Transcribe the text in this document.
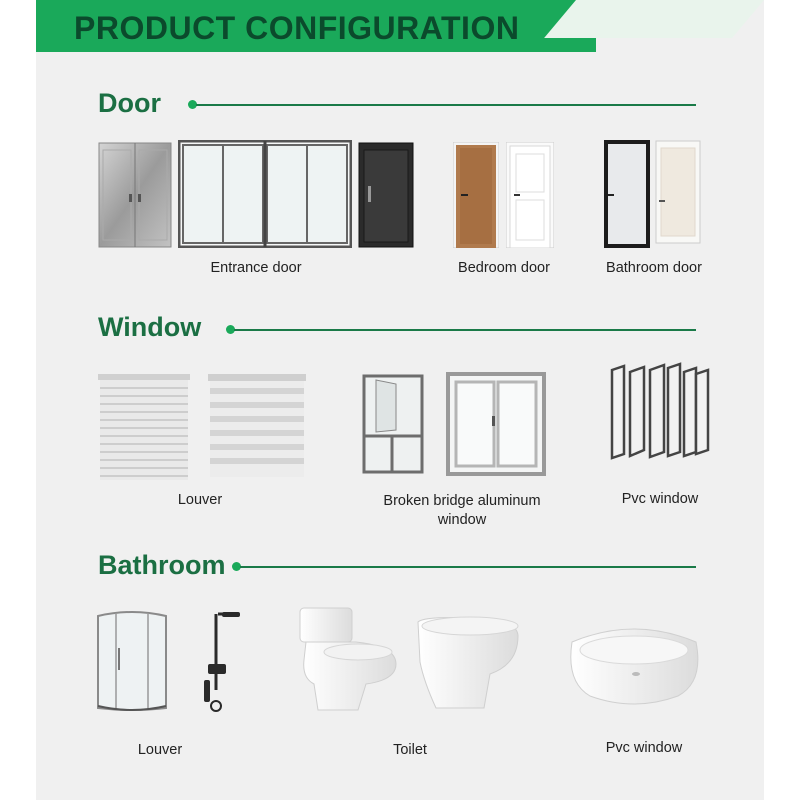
PRODUCT CONFIGURATION
Door
Entrance door	Bedroom door	Bathroom door
Window
Louver	Broken bridge aluminum window
Pvc window
Bathroom
Louver	Toilet	Pvc window
